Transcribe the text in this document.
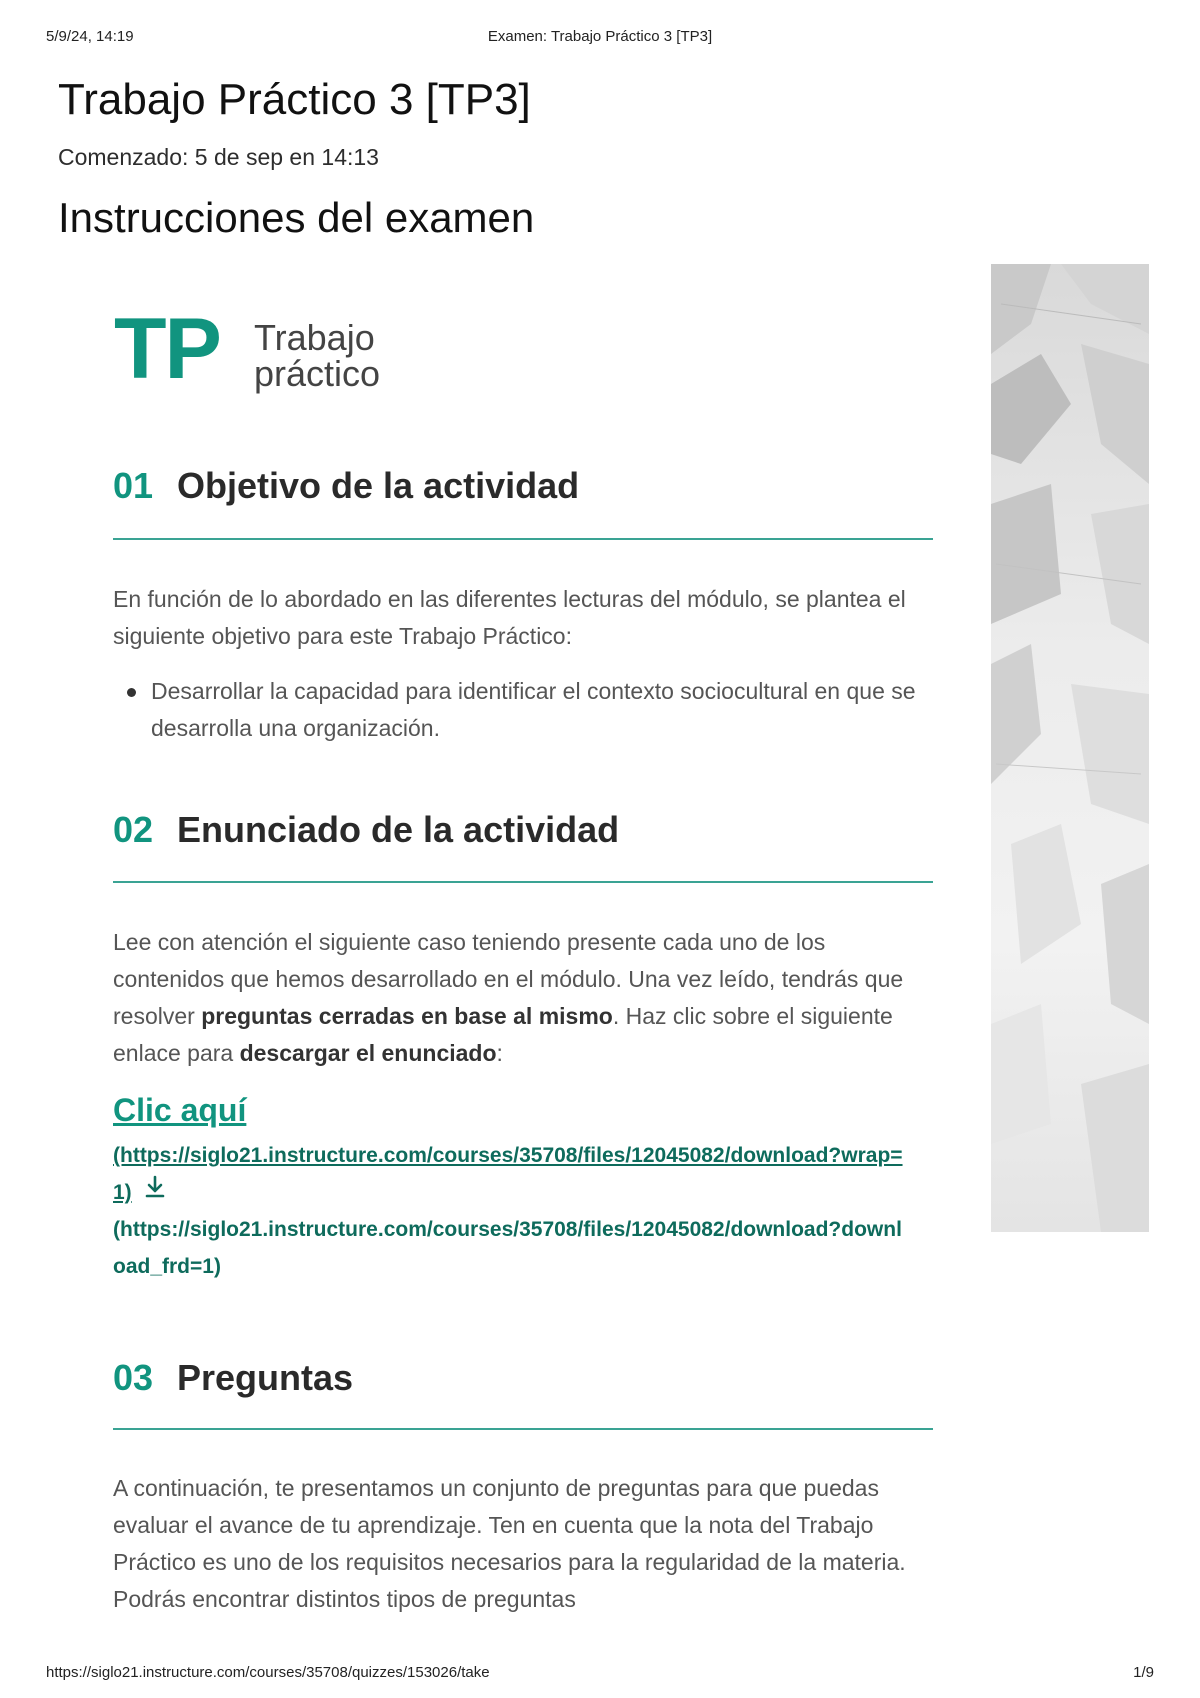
5/9/24, 14:19	Examen: Trabajo Práctico 3 [TP3]
Trabajo Práctico 3 [TP3]
Comenzado: 5 de sep en 14:13
Instrucciones del examen
TP Trabajo
práctico
01 Objetivo de la actividad

En función de lo abordado en las diferentes lecturas del módulo, se plantea el siguiente objetivo para este Trabajo Práctico:

Desarrollar la capacidad para identificar el contexto sociocultural en que se desarrolla una organización.
02 Enunciado de la actividad

Lee con atención el siguiente caso teniendo presente cada uno de los contenidos que hemos desarrollado en el módulo. Una vez leído, tendrás que resolver preguntas cerradas en base al mismo. Haz clic sobre el siguiente enlace para descargar el enunciado:

Clic aquí
(https://siglo21.instructure.com/courses/35708/files/12045082/download?wrap=1)
(https://siglo21.instructure.com/courses/35708/files/12045082/download?download_frd=1)
03 Preguntas

A continuación, te presentamos un conjunto de preguntas para que puedas evaluar el avance de tu aprendizaje. Ten en cuenta que la nota del Trabajo Práctico es uno de los requisitos necesarios para la regularidad de la materia. Podrás encontrar distintos tipos de preguntas

https://siglo21.instructure.com/courses/35708/quizzes/153026/take	1/9
